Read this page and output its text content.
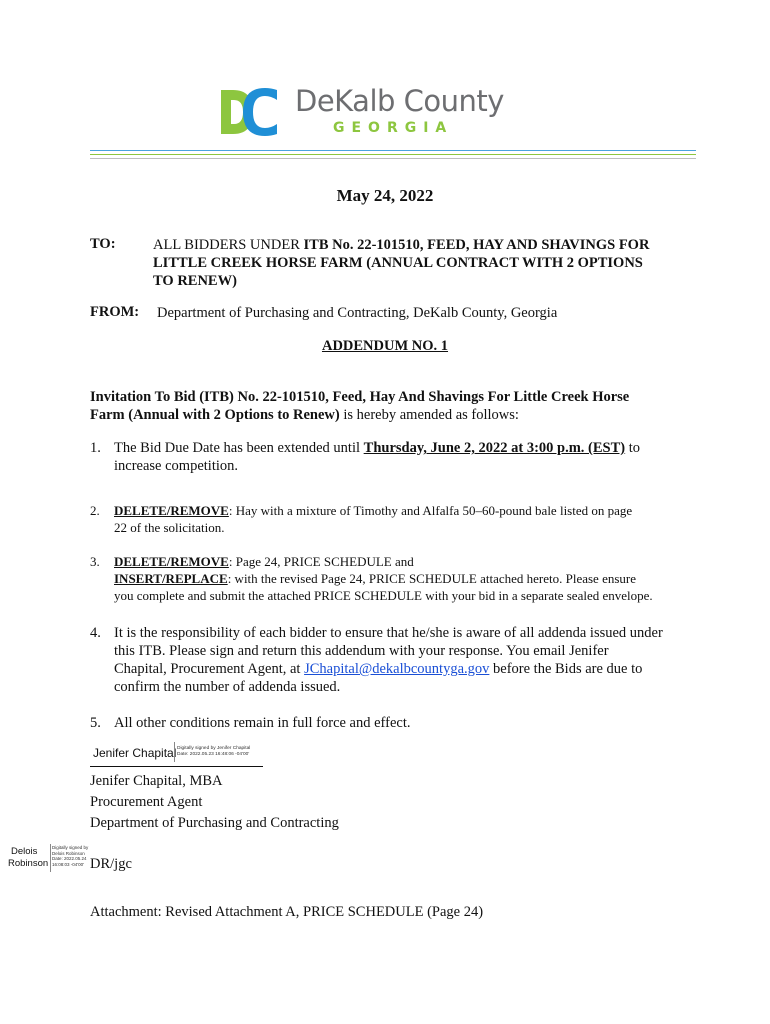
DeKalb County
GEORGIA
May 24, 2022
TO:	ALL BIDDERS UNDER ITB No. 22-101510, FEED, HAY AND SHAVINGS FOR
LITTLE CREEK HORSE FARM (ANNUAL CONTRACT WITH 2 OPTIONS
TO RENEW)
FROM: Department of Purchasing and Contracting, DeKalb County, Georgia
ADDENDUM NO. 1
Invitation To Bid (ITB) No. 22-101510, Feed, Hay And Shavings For Little Creek Horse
Farm (Annual with 2 Options to Renew) is hereby amended as follows:
1. The Bid Due Date has been extended until Thursday, June 2, 2022 at 3:00 p.m. (EST) to
increase competition.
2. DELETE/REMOVE: Hay with a mixture of Timothy and Alfalfa 50–60-pound bale listed on page
22 of the solicitation.
3. DELETE/REMOVE: Page 24, PRICE SCHEDULE and
INSERT/REPLACE: with the revised Page 24, PRICE SCHEDULE attached hereto. Please ensure
you complete and submit the attached PRICE SCHEDULE with your bid in a separate sealed envelope.
4. It is the responsibility of each bidder to ensure that he/she is aware of all addenda issued under
this ITB. Please sign and return this addendum with your response. You email Jenifer
Chapital, Procurement Agent, at JChapital@dekalbcountyga.gov before the Bids are due to
confirm the number of addenda issued.
5. All other conditions remain in full force and effect.
Jenifer Chapital Digitally signed by Jenifer Chapital
Date: 2022.05.23 16:48:06 -04'00'
Jenifer Chapital, MBA
Procurement Agent
Department of Purchasing and Contracting
Delois
Robinson
Digitally signed by
Delois Robinson
Date: 2022.05.24
16:08:03 -04'00' DR/jgc
Attachment: Revised Attachment A, PRICE SCHEDULE (Page 24)
